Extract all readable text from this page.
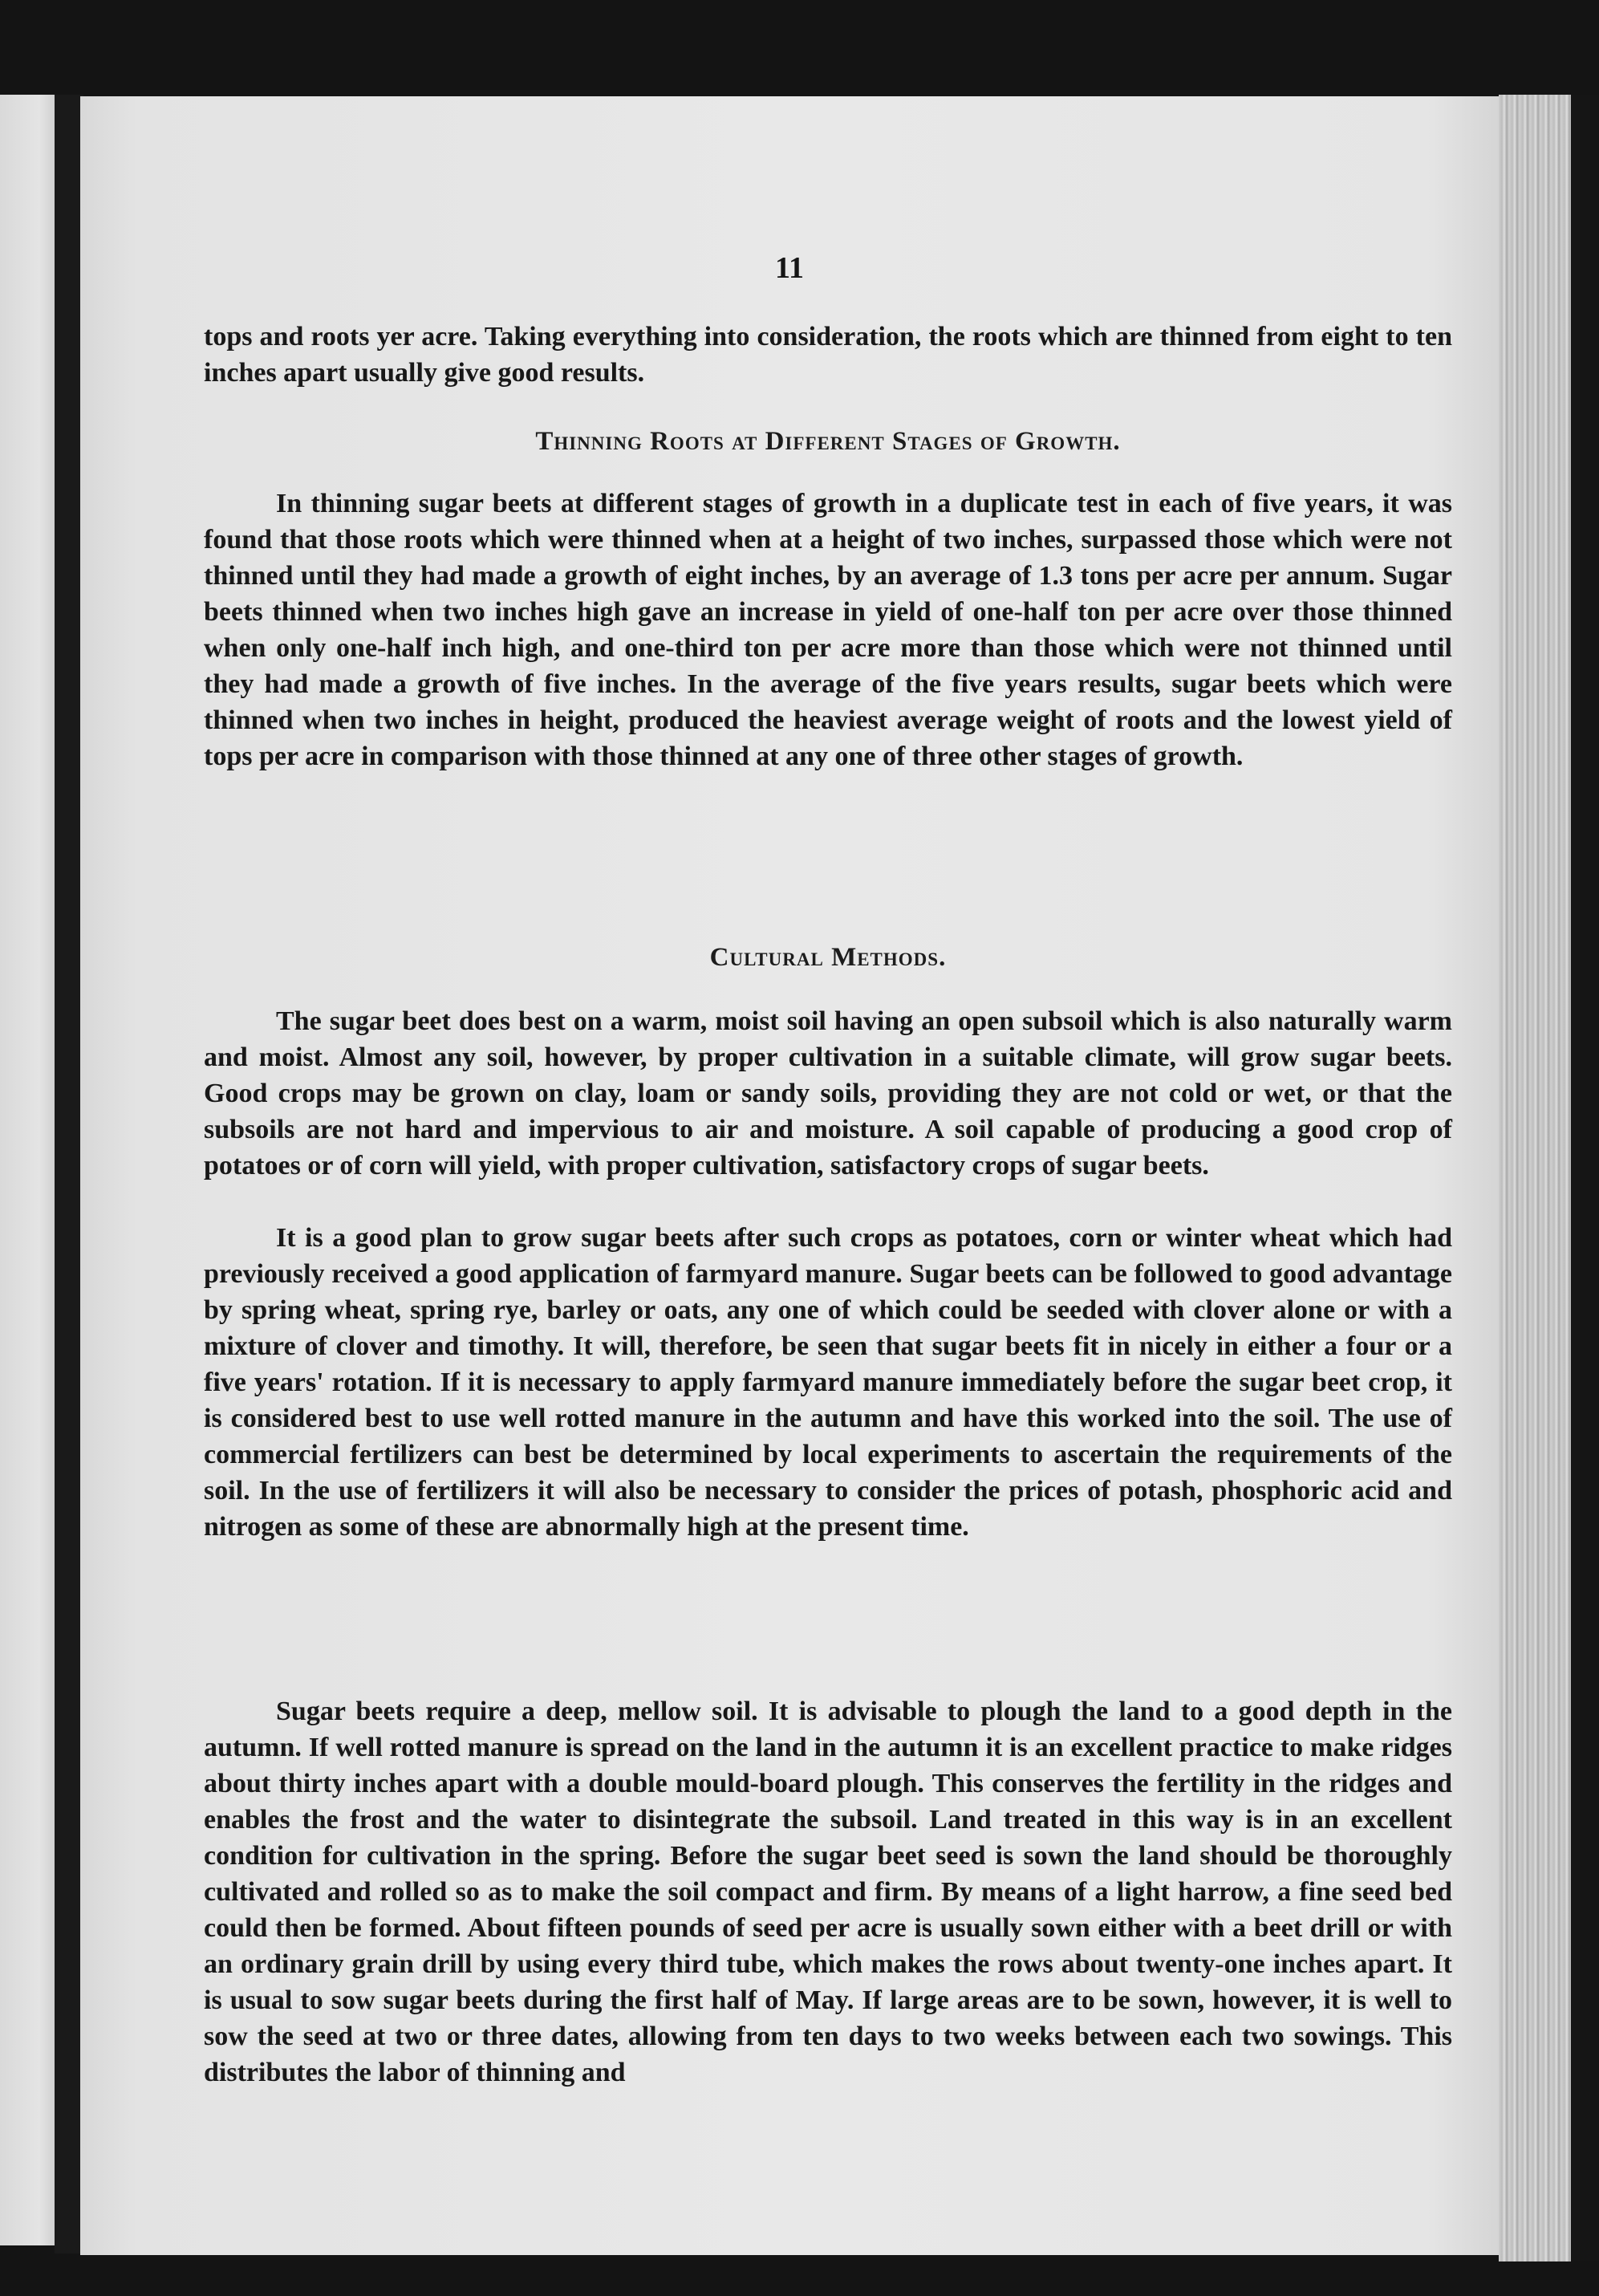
11

tops and roots yer acre. Taking everything into consideration, the roots which are thinned from eight to ten inches apart usually give good results.

Thinning Roots at Different Stages of Growth.

In thinning sugar beets at different stages of growth in a duplicate test in each of five years, it was found that those roots which were thinned when at a height of two inches, surpassed those which were not thinned until they had made a growth of eight inches, by an average of 1.3 tons per acre per annum. Sugar beets thinned when two inches high gave an increase in yield of one-half ton per acre over those thinned when only one-half inch high, and one-third ton per acre more than those which were not thinned until they had made a growth of five inches. In the average of the five years results, sugar beets which were thinned when two inches in height, produced the heaviest average weight of roots and the lowest yield of tops per acre in comparison with those thinned at any one of three other stages of growth.

Cultural Methods.

The sugar beet does best on a warm, moist soil having an open subsoil which is also naturally warm and moist. Almost any soil, however, by proper cultivation in a suitable climate, will grow sugar beets. Good crops may be grown on clay, loam or sandy soils, providing they are not cold or wet, or that the subsoils are not hard and impervious to air and moisture. A soil capable of producing a good crop of potatoes or of corn will yield, with proper cultivation, satisfactory crops of sugar beets.

It is a good plan to grow sugar beets after such crops as potatoes, corn or winter wheat which had previously received a good application of farmyard manure. Sugar beets can be followed to good advantage by spring wheat, spring rye, barley or oats, any one of which could be seeded with clover alone or with a mixture of clover and timothy. It will, therefore, be seen that sugar beets fit in nicely in either a four or a five years' rotation. If it is necessary to apply farmyard manure immediately before the sugar beet crop, it is considered best to use well rotted manure in the autumn and have this worked into the soil. The use of commercial fertilizers can best be determined by local experiments to ascertain the requirements of the soil. In the use of fertilizers it will also be necessary to consider the prices of potash, phosphoric acid and nitrogen as some of these are abnormally high at the present time.

Sugar beets require a deep, mellow soil. It is advisable to plough the land to a good depth in the autumn. If well rotted manure is spread on the land in the autumn it is an excellent practice to make ridges about thirty inches apart with a double mould-board plough. This conserves the fertility in the ridges and enables the frost and the water to disintegrate the subsoil. Land treated in this way is in an excellent condition for cultivation in the spring. Before the sugar beet seed is sown the land should be thoroughly cultivated and rolled so as to make the soil compact and firm. By means of a light harrow, a fine seed bed could then be formed. About fifteen pounds of seed per acre is usually sown either with a beet drill or with an ordinary grain drill by using every third tube, which makes the rows about twenty-one inches apart. It is usual to sow sugar beets during the first half of May. If large areas are to be sown, however, it is well to sow the seed at two or three dates, allowing from ten days to two weeks between each two sowings. This distributes the labor of thinning and
